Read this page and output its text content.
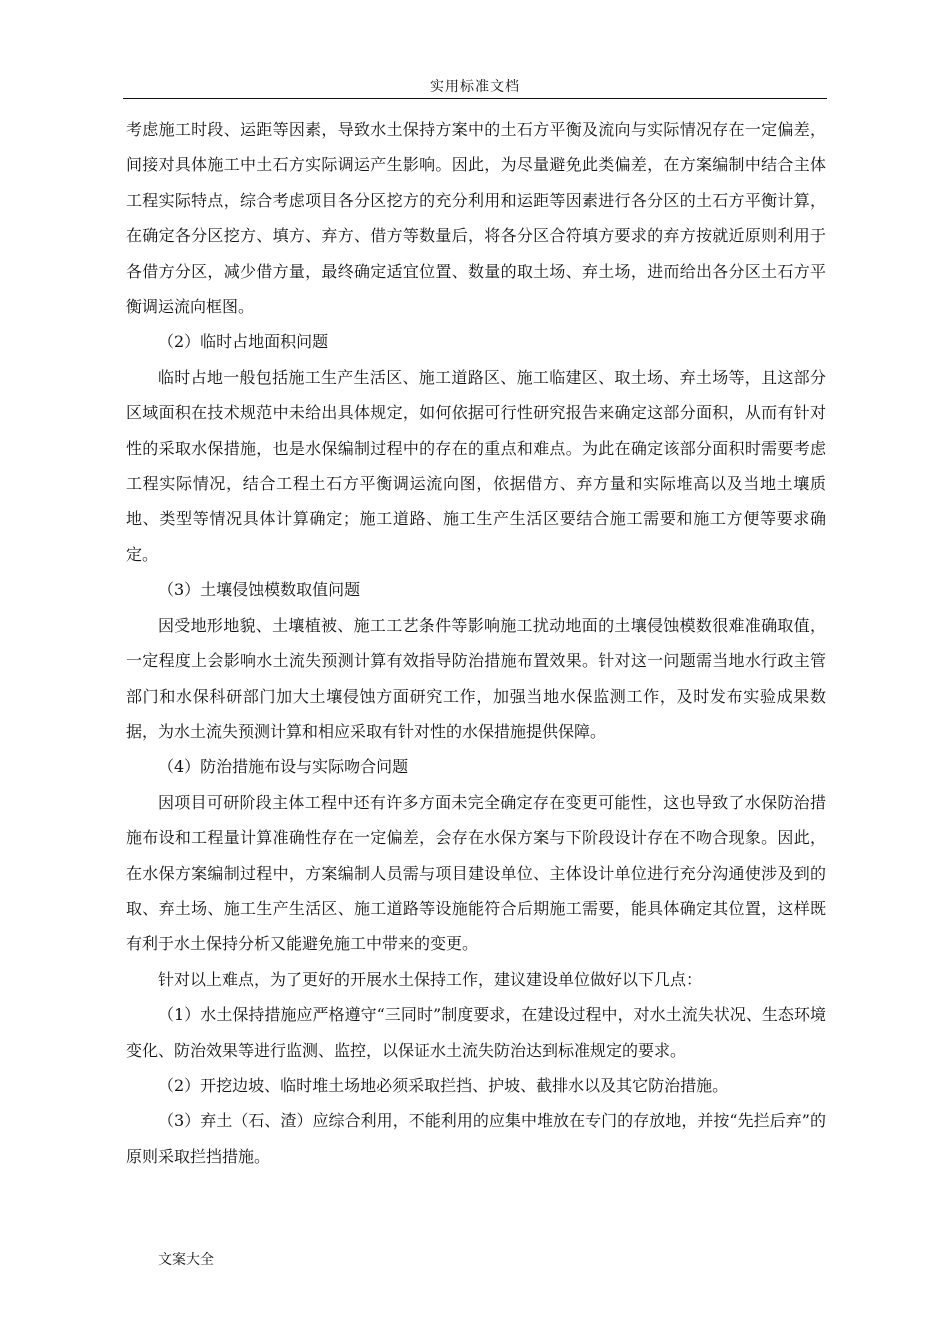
实用标准文档

考虑施工时段、运距等因素，导致水土保持方案中的土石方平衡及流向与实际情况存在一定偏差，间接对具体施工中土石方实际调运产生影响。因此，为尽量避免此类偏差，在方案编制中结合主体工程实际特点，综合考虑项目各分区挖方的充分利用和运距等因素进行各分区的土石方平衡计算，在确定各分区挖方、填方、弃方、借方等数量后，将各分区合符填方要求的弃方按就近原则利用于各借方分区，减少借方量，最终确定适宜位置、数量的取土场、弃土场，进而给出各分区土石方平衡调运流向框图。

（2）临时占地面积问题

临时占地一般包括施工生产生活区、施工道路区、施工临建区、取土场、弃土场等，且这部分区域面积在技术规范中未给出具体规定，如何依据可行性研究报告来确定这部分面积，从而有针对性的采取水保措施，也是水保编制过程中的存在的重点和难点。为此在确定该部分面积时需要考虑工程实际情况，结合工程土石方平衡调运流向图，依据借方、弃方量和实际堆高以及当地土壤质地、类型等情况具体计算确定；施工道路、施工生产生活区要结合施工需要和施工方便等要求确定。

（3）土壤侵蚀模数取值问题

因受地形地貌、土壤植被、施工工艺条件等影响施工扰动地面的土壤侵蚀模数很难准确取值，一定程度上会影响水土流失预测计算有效指导防治措施布置效果。针对这一问题需当地水行政主管部门和水保科研部门加大土壤侵蚀方面研究工作，加强当地水保监测工作，及时发布实验成果数据，为水土流失预测计算和相应采取有针对性的水保措施提供保障。

（4）防治措施布设与实际吻合问题

因项目可研阶段主体工程中还有许多方面未完全确定存在变更可能性，这也导致了水保防治措施布设和工程量计算准确性存在一定偏差，会存在水保方案与下阶段设计存在不吻合现象。因此，在水保方案编制过程中，方案编制人员需与项目建设单位、主体设计单位进行充分沟通使涉及到的取、弃土场、施工生产生活区、施工道路等设施能符合后期施工需要，能具体确定其位置，这样既有利于水土保持分析又能避免施工中带来的变更。

针对以上难点，为了更好的开展水土保持工作，建议建设单位做好以下几点：

（1）水土保持措施应严格遵守“三同时”制度要求，在建设过程中，对水土流失状况、生态环境变化、防治效果等进行监测、监控，以保证水土流失防治达到标准规定的要求。

（2）开挖边坡、临时堆土场地必须采取拦挡、护坡、截排水以及其它防治措施。

（3）弃土（石、渣）应综合利用，不能利用的应集中堆放在专门的存放地，并按“先拦后弃”的原则采取拦挡措施。

文案大全
